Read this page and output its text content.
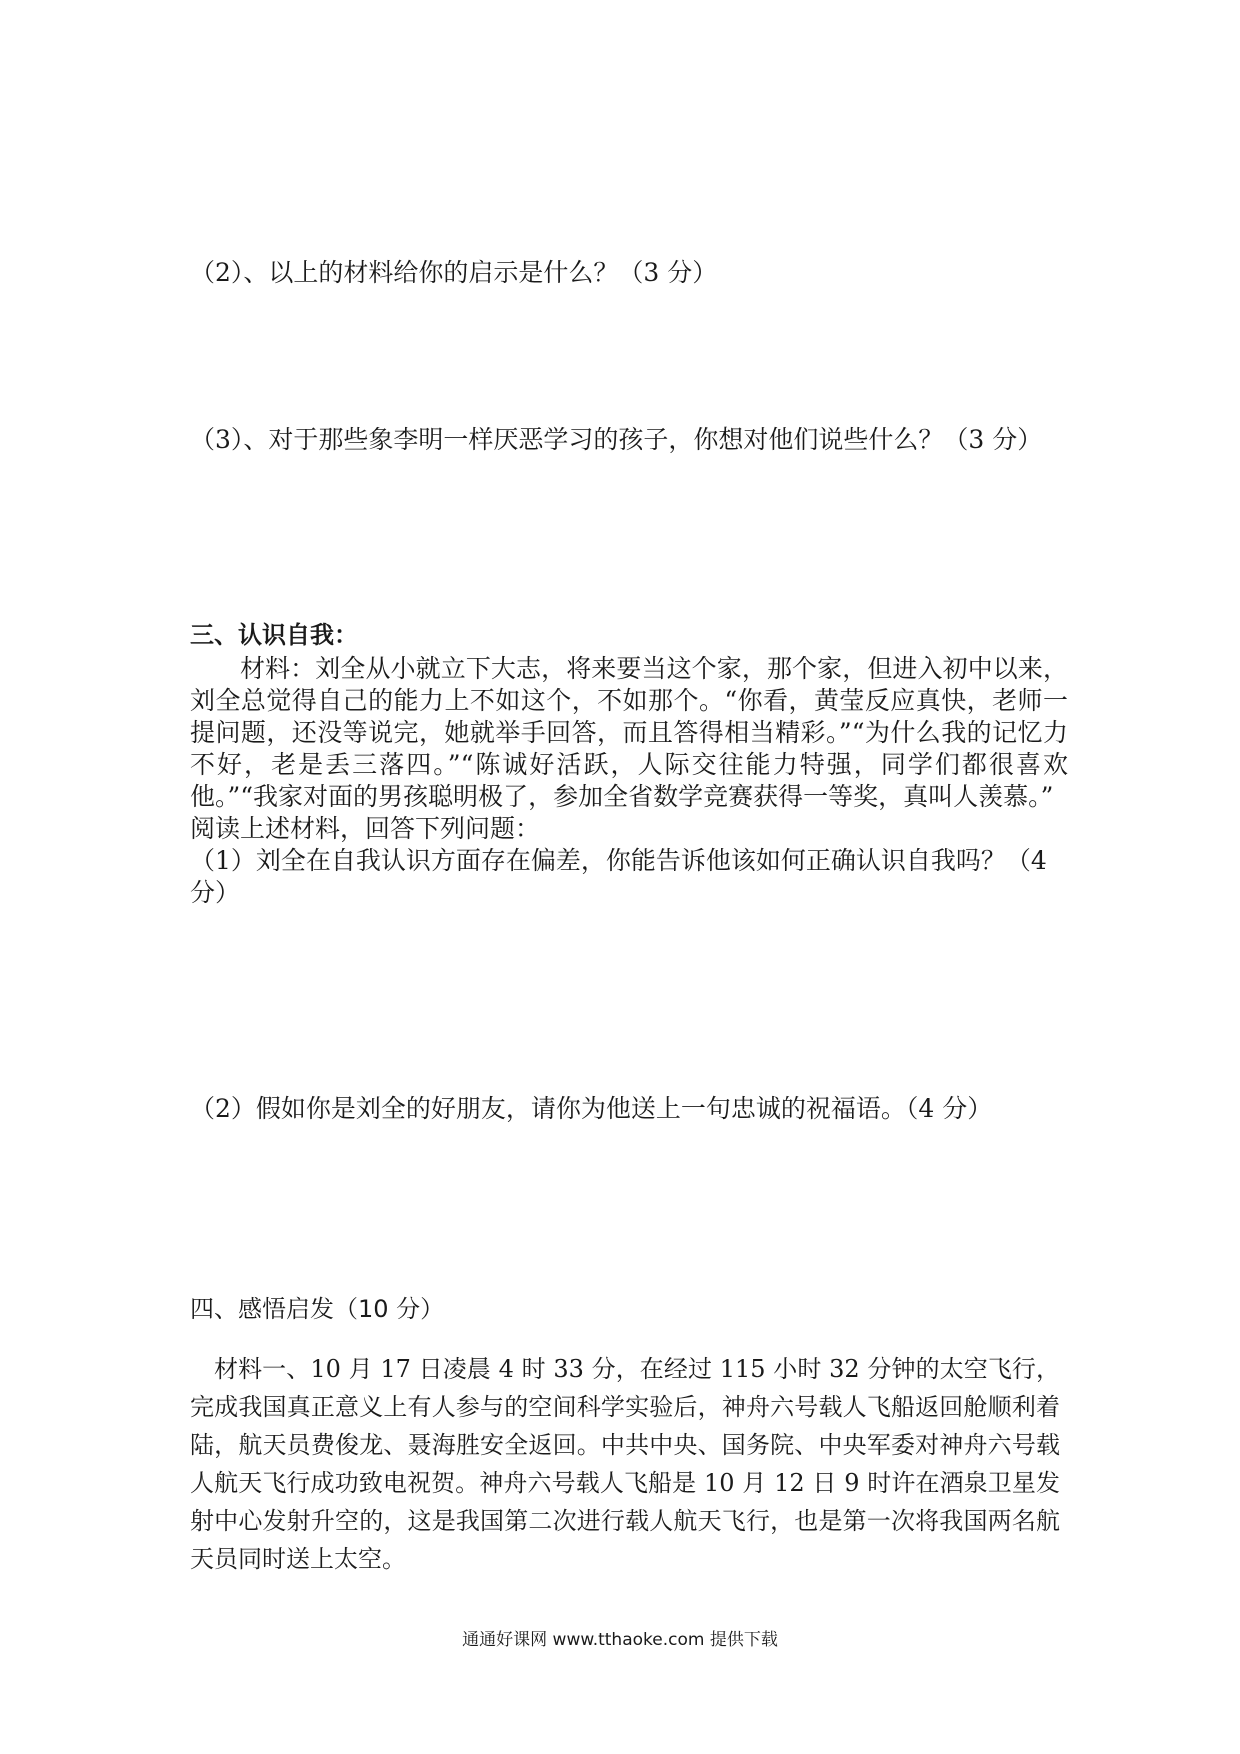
（2）、以上的材料给你的启示是什么？（3 分）
（3）、对于那些象李明一样厌恶学习的孩子，你想对他们说些什么？（3 分）

三、认识自我：

材料：刘全从小就立下大志，将来要当这个家，那个家，但进入初中以来，刘全总觉得自己的能力上不如这个，不如那个。“你看，黄莹反应真快，老师一提问题，还没等说完，她就举手回答，而且答得相当精彩。”“为什么我的记忆力不好，老是丢三落四。”“陈诚好活跃，人际交往能力特强，同学们都很喜欢他。”“我家对面的男孩聪明极了，参加全省数学竞赛获得一等奖，真叫人羡慕。”

阅读上述材料，回答下列问题：

（1）刘全在自我认识方面存在偏差，你能告诉他该如何正确认识自我吗？（4 分）

（2）假如你是刘全的好朋友，请你为他送上一句忠诚的祝福语。（4 分）
四、感悟启发（10 分）

材料一、10 月 17 日凌晨 4 时 33 分，在经过 115 小时 32 分钟的太空飞行，完成我国真正意义上有人参与的空间科学实验后，神舟六号载人飞船返回舱顺利着陆，航天员费俊龙、聂海胜安全返回。中共中央、国务院、中央军委对神舟六号载人航天飞行成功致电祝贺。神舟六号载人飞船是 10 月 12 日 9 时许在酒泉卫星发射中心发射升空的，这是我国第二次进行载人航天飞行，也是第一次将我国两名航天员同时送上太空。

通通好课网 www.tthaoke.com 提供下载
